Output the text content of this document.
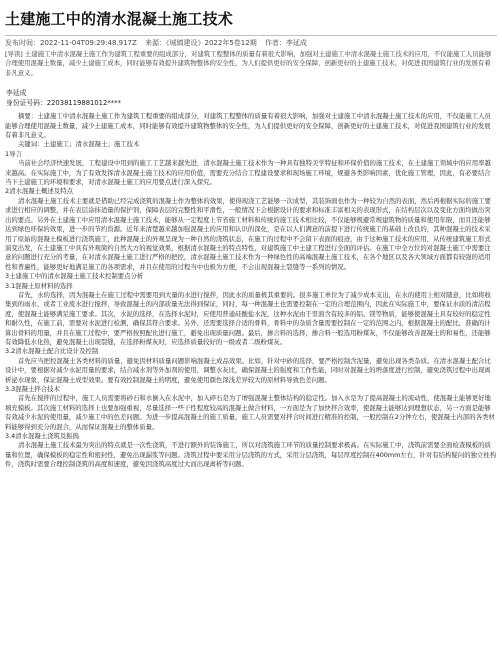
土建施工中的清水混凝土施工技术
发布时间：2022-11-04T09:29:48.917Z 来源：《城镇建设》2022年5卷12期 作者：李延成
[导读] 土建施工中清水混凝土施工作为建筑工程重要的组成部分，对建筑工程整体的质量有着很大影响，加强对土建施工中清水混凝土施工技术的应用，不仅能施工人员能够合理使用混凝土数量，减少土建施工成本，同时能够有效提升建筑物整体的安全性，为人们提供更好的安全保障，创新更好的土建施工技术，对促进我国建筑行业的发展有着非凡意义。
李延成
身份证号码：22038119881012****

摘要：土建施工中清水混凝土施工作为建筑工程重要的组成部分，对建筑工程整体的质量有着很大影响，加强对土建施工中清水混凝土施工技术的应用，不仅能施工人员能够合理使用混凝土数量，减少土建施工成本，同时能够有效提升建筑物整体的安全性，为人们提供更好的安全保障，创新更好的土建施工技术，对促进我国建筑行业的发展有着非凡意义。

关键词：土建施工；清水混凝土；施工技术

1导言

当前社会经济快速发展，工程建设中用到的施工工艺越来越先进，清水混凝土施工技术作为一种具有独特美学特征和环保价值的施工技术，在土建施工领域中的应用率越来越高。在实际施工中，为了有效发挥清水混凝土施工技术的应用价值，需要充分结合工程建设要求和现场施工环境，规避各类影响因素，优化施工管理，因此，有必要结合当下土建施工的环境和要求，对清水混凝土施工的应用要点进行深入探究。

2清水混凝土概述及特点

清水混凝土施工技术主要就是借助已经完成浇筑的混凝土作为整体的效果，使得现浇工艺能够一次成型，其装饰面也作为一种较为自然的表面，然后再根据实际的施工要求进行相应的调整，并在表层涂抹适量的保护剂，保障表层的完整性和平滑性，一般情况下会根据设计的要求和标准丰富相关的表现形式，在结构层次以及变化方面均做出突出的要点。另外在土建施工中应用清水混凝土施工技术，能够从一定程度上节省施工材料和传统的施工技术相比较，不仅能够规避常规建筑物的质量和使用年限，而且还能够达到绿色环保的效果，进一步的节约资源。近年来清楚越来越加强混凝土的应用和认识的深化，是在以人们满意的前提下进行传统施工的基础上改良的，其种混凝土的技术采用了原始的混凝土模板进行浇筑施工，此种混凝土的外观呈现为一种自然的浇筑状态，在施工的过程中不会留下表面的痕迹，由于这种施工技术的应用，从传统建筑施工形式演变出发，在土建施工中具有外观简约自然大方的视觉效果，根据清水混凝土的特点特性，对建筑施工中土建工程进行全面的评估。在施工中全方位的对混凝土施工中需要注意的问题进行充分的考量，在对清水混凝土施工进行严格的把控，清水混凝土施工技术作为一种绿色性的高端混凝土施工技术，在各个地区以及各大领域方面都有较强的适用性和普遍性，能够更好地满足施工的各项需求，并且在使用的过程当中也极为方便，不会出现混凝土裂缝等一系列的情况。

3土建施工中的清水混凝土施工技术控制要点分析

3.1混凝土原材料的选择

首先，水的选择，因为混凝土在施工过程中需要用到大量的水进行搅拌，因此水的质量极其重要的。很多施工单位为了减少成本支出，在水的使用上相对随意，比如将收集到的雨水，或者工业废水进行搅拌，导致混凝土的内部质量无法得到保证，同时，每一种混凝土也需要控制在一定的合理范围内，因此在实际施工中，要保证水质的清洁程度，使混凝土能够满足施工要求。其次，水泥的选择，在选择水泥时，应使用普通硅酸盐水泥，这种水泥由于里面含有较多的铝、镁等物质，能够使混凝土具有较好的稳定性和耐久性，在施工前，需要对水泥进行检测，确保其符合要求。另外，还需要选择合适的骨料，骨料中的杂质含量需要控制在一定的范围之内，根据混凝土的配比，准确的计算出骨料的用量，并且在施工过程中，要严格按照配比进行施工，避免出现质量问题。最后，掺合料的选择，掺合料一般选用粉煤灰，不仅能够改善混凝土的和易性，还能够有效降低水化热，避免混凝土出现裂缝，在选择粉煤灰时，应选择质量较好的一级或者二级粉煤灰。

3.2清水混凝土配合比设计及控制

首先应当把控混凝土各类材料的质量，避免因材料质量问题影响混凝土成品效果。比如，针对中砂的选择，要严格控制含泥量，避免出现各类杂质。在清水混凝土配合比设计中，要根据对减少水泥用量的要求，结合减水剂等外加剂的使用，调整水灰比，确保混凝土的强度和工作性能，同时对混凝土的坍落度进行控制，避免浇筑过程中出现离析泌水现象，保证混凝土成型效果。要有效控制混凝土的明度，避免使用颜色深浅差异较大的原材料导致色差问题。

3.3混凝土拌合技术

首先在搅拌的过程中，施工人员需要将砂石和水倒入在水泥中，加入碎石是为了增强混凝土整体结构的稳定性。加入水是为了提高混凝土的流动性，使混凝土能够更好地填充模板。其次施工材料的选择上也要加强重视，尽量选择一些干性程度较高的混凝土做合材料，一方面是为了加快拌合效率，使混凝土能够达到理想状态，另一方面是能够有效减少水泥的使用量，减少施工中的色差问题。为进一步提高混凝土的施工质量，施工人员需要对拌合时间进行精准的控制，一般控制在2分钟左右，使混凝土内部的各类材料能够得到充分的混合，从而保证混凝土的整体质量。

3.4清水混凝土浇筑及振捣

清水混凝土施工技术最为突出的特点就是一次性浇筑，不进行额外的装饰施工，所以对浇筑施工环节的质量控制要求极高。在实际施工中，浇筑前需要全面检查模板的质量和位置，确保模板的稳定性和密封性，避免出现漏浆等问题。浇筑过程中要采用分层浇筑的方式，采用分层浇筑，每层厚度控制在400mm左右，针对有结构疑问的独立柱构件，浇筑时需要合理控制浇筑的高度和速度，避免因浇筑高度过大而出现离析等问题。
